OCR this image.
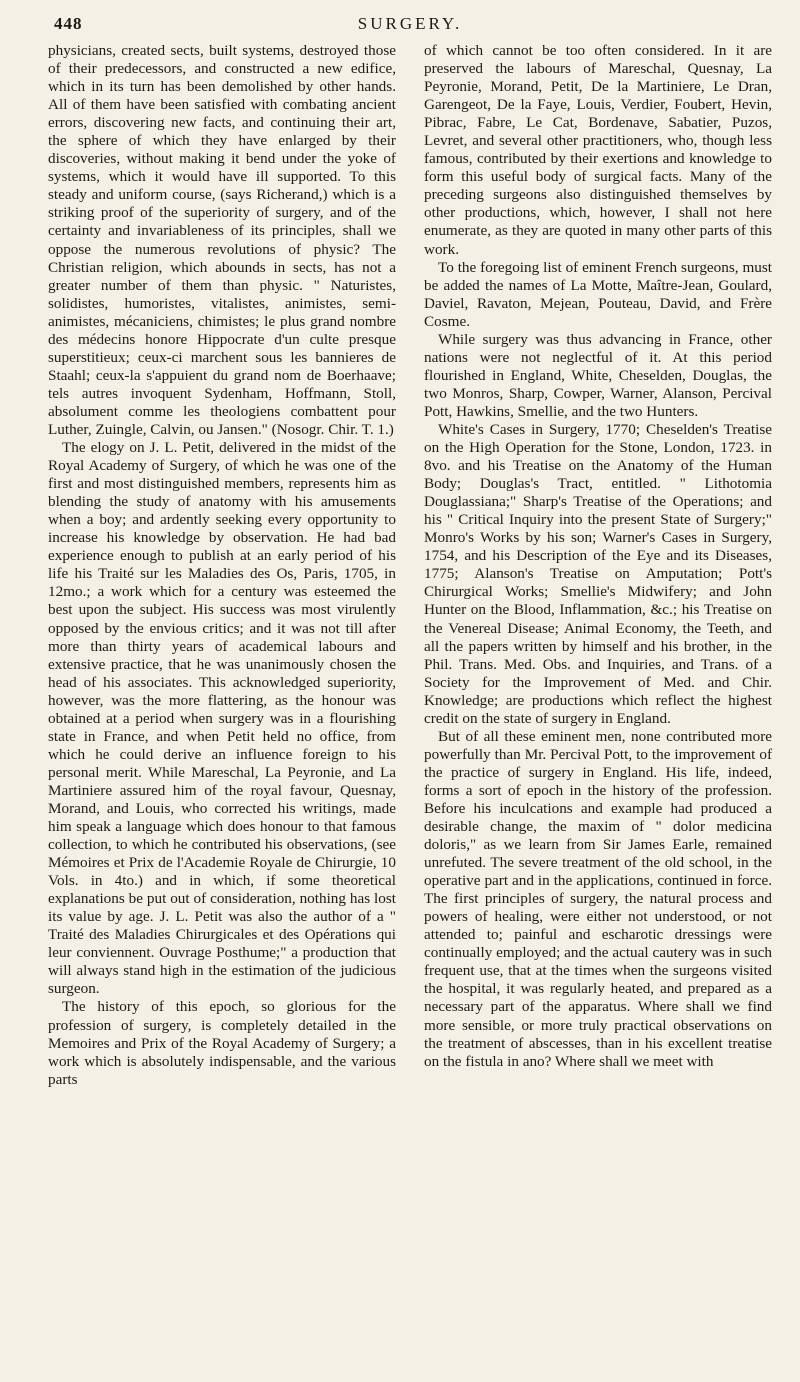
448	SURGERY.

physicians, created sects, built systems, destroyed those of their predecessors, and constructed a new edifice, which in its turn has been demolished by other hands. All of them have been satisfied with combating ancient errors, discovering new facts, and continuing their art, the sphere of which they have enlarged by their discoveries, without making it bend under the yoke of systems, which it would have ill supported. To this steady and uniform course, (says Richerand,) which is a striking proof of the superiority of surgery, and of the certainty and invariableness of its principles, shall we oppose the numerous revolutions of physic? The Christian religion, which abounds in sects, has not a greater number of them than physic. " Naturistes, solidistes, humoristes, vitalistes, animistes, semi-animistes, mécaniciens, chimistes; le plus grand nombre des médecins honore Hippocrate d'un culte presque superstitieux; ceux-ci marchent sous les bannieres de Staahl; ceux-la s'appuient du grand nom de Boerhaave; tels autres invoquent Sydenham, Hoffmann, Stoll, absolument comme les theologiens combattent pour Luther, Zuingle, Calvin, ou Jansen." (Nosogr. Chir. T. 1.)

The elogy on J. L. Petit, delivered in the midst of the Royal Academy of Surgery, of which he was one of the first and most distinguished members, represents him as blending the study of anatomy with his amusements when a boy; and ardently seeking every opportunity to increase his knowledge by observation. He had bad experience enough to publish at an early period of his life his Traité sur les Maladies des Os, Paris, 1705, in 12mo.; a work which for a century was esteemed the best upon the subject. His success was most virulently opposed by the envious critics; and it was not till after more than thirty years of academical labours and extensive practice, that he was unanimously chosen the head of his associates. This acknowledged superiority, however, was the more flattering, as the honour was obtained at a period when surgery was in a flourishing state in France, and when Petit held no office, from which he could derive an influence foreign to his personal merit. While Mareschal, La Peyronie, and La Martiniere assured him of the royal favour, Quesnay, Morand, and Louis, who corrected his writings, made him speak a language which does honour to that famous collection, to which he contributed his observations, (see Mémoires et Prix de l'Academie Royale de Chirurgie, 10 Vols. in 4to.) and in which, if some theoretical explanations be put out of consideration, nothing has lost its value by age. J. L. Petit was also the author of a " Traité des Maladies Chirurgicales et des Opérations qui leur conviennent. Ouvrage Posthume;" a production that will always stand high in the estimation of the judicious surgeon.

The history of this epoch, so glorious for the profession of surgery, is completely detailed in the Memoires and Prix of the Royal Academy of Surgery; a work which is absolutely indispensable, and the various parts

of which cannot be too often considered. In it are preserved the labours of Mareschal, Quesnay, La Peyronie, Morand, Petit, De la Martiniere, Le Dran, Garengeot, De la Faye, Louis, Verdier, Foubert, Hevin, Pibrac, Fabre, Le Cat, Bordenave, Sabatier, Puzos, Levret, and several other practitioners, who, though less famous, contributed by their exertions and knowledge to form this useful body of surgical facts. Many of the preceding surgeons also distinguished themselves by other productions, which, however, I shall not here enumerate, as they are quoted in many other parts of this work.

To the foregoing list of eminent French surgeons, must be added the names of La Motte, Maître-Jean, Goulard, Daviel, Ravaton, Mejean, Pouteau, David, and Frère Cosme.

While surgery was thus advancing in France, other nations were not neglectful of it. At this period flourished in England, White, Cheselden, Douglas, the two Monros, Sharp, Cowper, Warner, Alanson, Percival Pott, Hawkins, Smellie, and the two Hunters.

White's Cases in Surgery, 1770; Cheselden's Treatise on the High Operation for the Stone, London, 1723. in 8vo. and his Treatise on the Anatomy of the Human Body; Douglas's Tract, entitled. " Lithotomia Douglassiana;" Sharp's Treatise of the Operations; and his " Critical Inquiry into the present State of Surgery;" Monro's Works by his son; Warner's Cases in Surgery, 1754, and his Description of the Eye and its Diseases, 1775; Alanson's Treatise on Amputation; Pott's Chirurgical Works; Smellie's Midwifery; and John Hunter on the Blood, Inflammation, &c.; his Treatise on the Venereal Disease; Animal Economy, the Teeth, and all the papers written by himself and his brother, in the Phil. Trans. Med. Obs. and Inquiries, and Trans. of a Society for the Improvement of Med. and Chir. Knowledge; are productions which reflect the highest credit on the state of surgery in England.

But of all these eminent men, none contributed more powerfully than Mr. Percival Pott, to the improvement of the practice of surgery in England. His life, indeed, forms a sort of epoch in the history of the profession. Before his inculcations and example had produced a desirable change, the maxim of " dolor medicina doloris," as we learn from Sir James Earle, remained unrefuted. The severe treatment of the old school, in the operative part and in the applications, continued in force. The first principles of surgery, the natural process and powers of healing, were either not understood, or not attended to; painful and escharotic dressings were continually employed; and the actual cautery was in such frequent use, that at the times when the surgeons visited the hospital, it was regularly heated, and prepared as a necessary part of the apparatus. Where shall we find more sensible, or more truly practical observations on the treatment of abscesses, than in his excellent treatise on the fistula in ano? Where shall we meet with
